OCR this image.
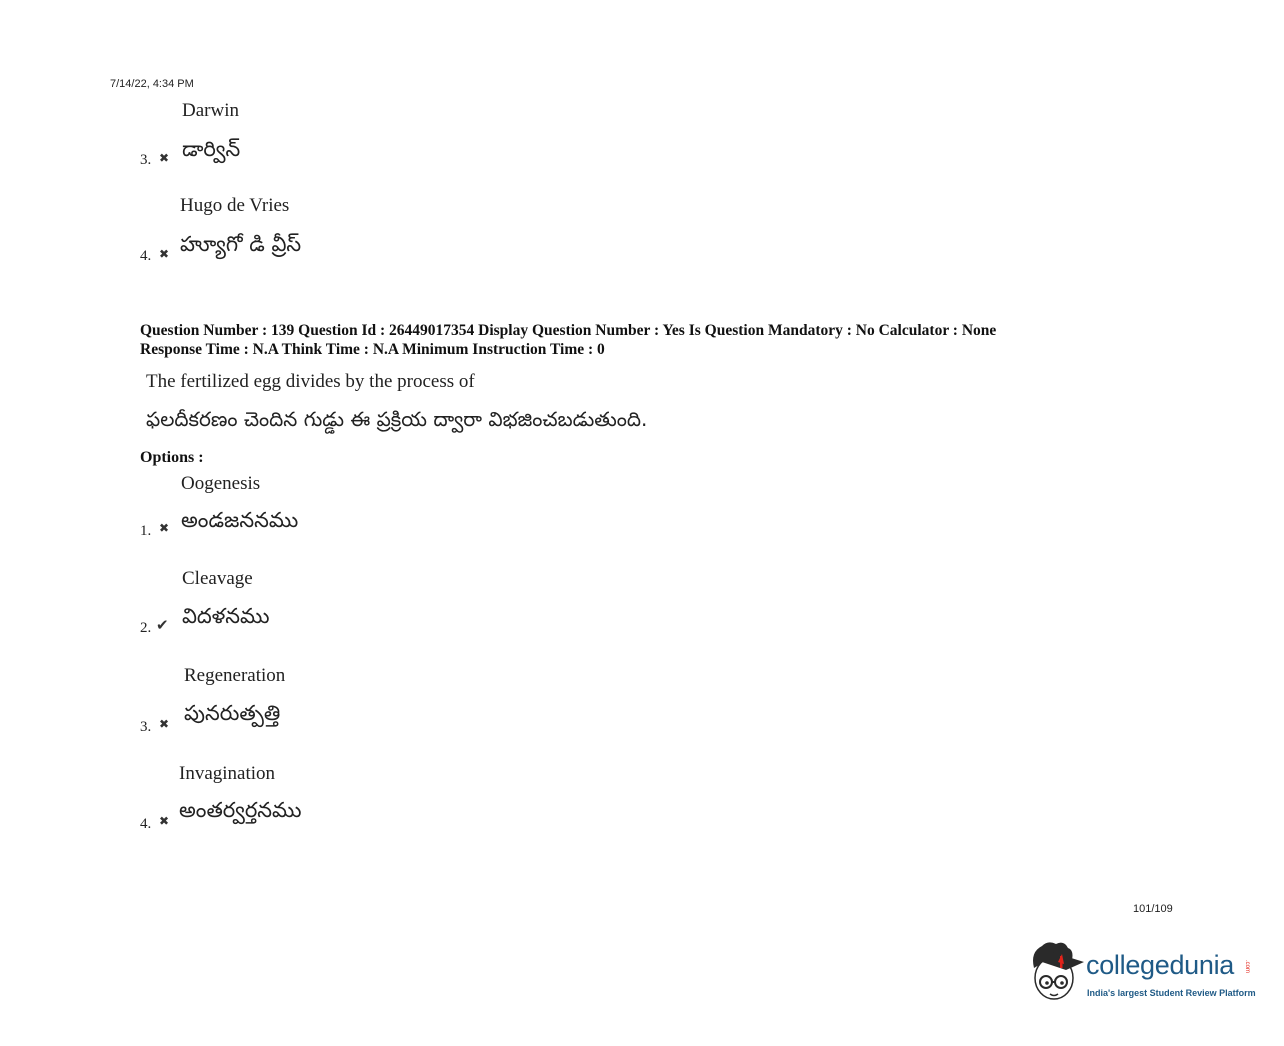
7/14/22, 4:34 PM
Darwin
3. ✖ డార్విన్
Hugo de Vries
4. ✖ హ్యూగో డి వ్రీస్
Question Number : 139 Question Id : 26449017354 Display Question Number : Yes Is Question Mandatory : No Calculator : None
Response Time : N.A Think Time : N.A Minimum Instruction Time : 0
The fertilized egg divides by the process of
ఫలదీకరణం చెందిన గుడ్డు ఈ ప్రక్రియ ద్వారా విభజించబడుతుంది.
Options :
Oogenesis
1. ✖ అండజననము
Cleavage
2. ✔ విదళనము
Regeneration
3. ✖ పునరుత్పత్తి
Invagination
4. ✖ అంతర్వర్తనము
101/109
collegedunia .com
India's largest Student Review Platform
